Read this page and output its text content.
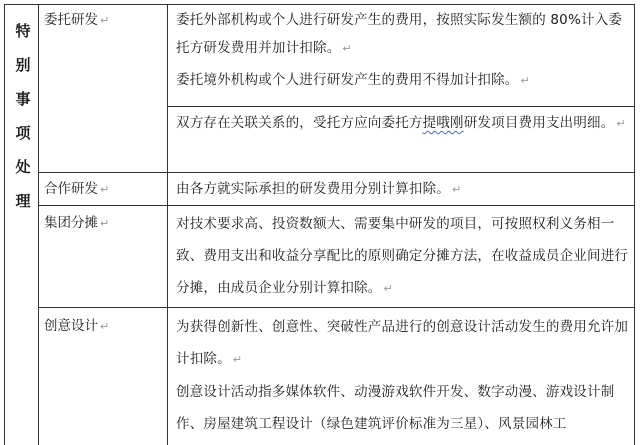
特
别
事
项
处
理
委托研发 ↵	委托外部机构或个人进行研发产生的费用，按照实际发生额的 80%计入委托方研发费用并加计扣除。 ↵
委托境外机构或个人进行研发产生的费用不得加计扣除。 ↵
双方存在关联关系的，受托方应向委托方提哦刚研发项目费用支出明细。 ↵
合作研发 ↵	由各方就实际承担的研发费用分别计算扣除。 ↵
集团分摊 ↵	对技术要求高、投资数额大、需要集中研发的项目，可按照权利义务相一致、费用支出和收益分享配比的原则确定分摊方法，在收益成员企业间进行分摊，由成员企业分别计算扣除。 ↵
创意设计 ↵	为获得创新性、创意性、突破性产品进行的创意设计活动发生的费用允许加计扣除。 ↵
创意设计活动指多媒体软件、动漫游戏软件开发、数字动漫、游戏设计制作、房屋建筑工程设计（绿色建筑评价标准为三星）、风景园林工
